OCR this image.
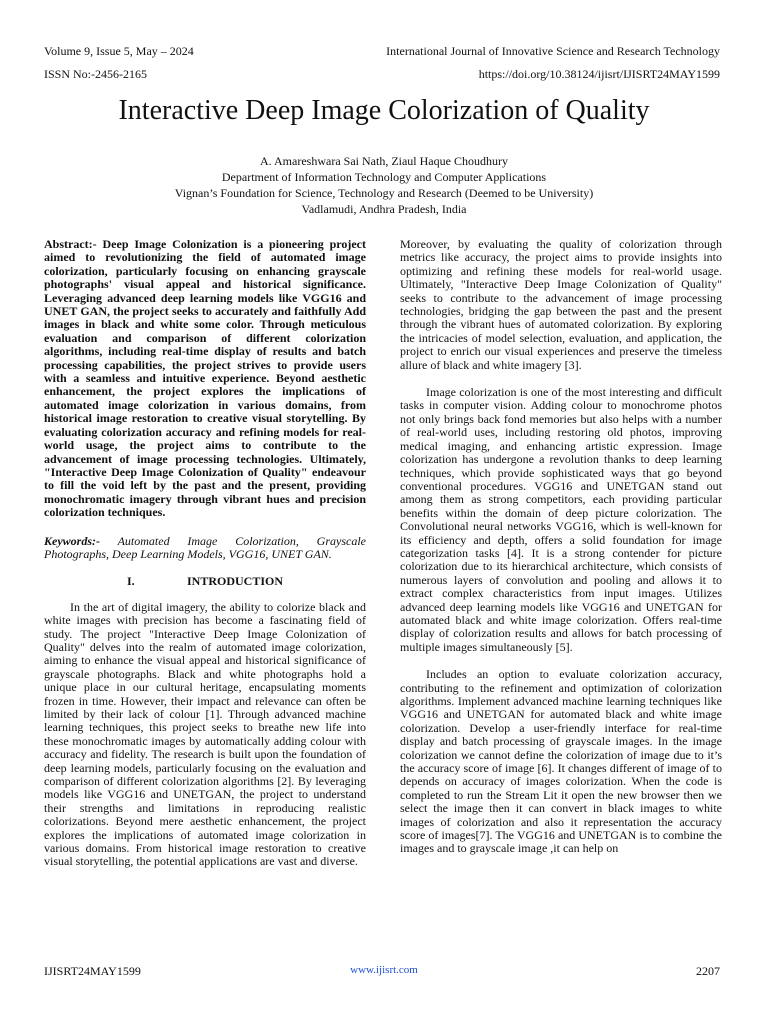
Volume 9, Issue 5, May – 2024
ISSN No:-2456-2165
International Journal of Innovative Science and Research Technology
https://doi.org/10.38124/ijisrt/IJISRT24MAY1599
Interactive Deep Image Colorization of Quality
A. Amareshwara Sai Nath, Ziaul Haque Choudhury
Department of Information Technology and Computer Applications
Vignan’s Foundation for Science, Technology and Research (Deemed to be University)
Vadlamudi, Andhra Pradesh, India

Abstract:- Deep Image Colonization is a pioneering project aimed to revolutionizing the field of automated image colorization, particularly focusing on enhancing grayscale photographs' visual appeal and historical significance. Leveraging advanced deep learning models like VGG16 and UNET GAN, the project seeks to accurately and faithfully Add images in black and white some color. Through meticulous evaluation and comparison of different colorization algorithms, including real-time display of results and batch processing capabilities, the project strives to provide users with a seamless and intuitive experience. Beyond aesthetic enhancement, the project explores the implications of automated image colorization in various domains, from historical image restoration to creative visual storytelling. By evaluating colorization accuracy and refining models for real-world usage, the project aims to contribute to the advancement of image processing technologies. Ultimately, "Interactive Deep Image Colonization of Quality" endeavour to fill the void left by the past and the present, providing monochromatic imagery through vibrant hues and precision colorization techniques.

Keywords:- Automated Image Colorization, Grayscale Photographs, Deep Learning Models, VGG16, UNET GAN.

I.	INTRODUCTION

In the art of digital imagery, the ability to colorize black and white images with precision has become a fascinating field of study. The project "Interactive Deep Image Colonization of Quality" delves into the realm of automated image colorization, aiming to enhance the visual appeal and historical significance of grayscale photographs. Black and white photographs hold a unique place in our cultural heritage, encapsulating moments frozen in time. However, their impact and relevance can often be limited by their lack of colour [1]. Through advanced machine learning techniques, this project seeks to breathe new life into these monochromatic images by automatically adding colour with accuracy and fidelity. The research is built upon the foundation of deep learning models, particularly focusing on the evaluation and comparison of different colorization algorithms [2]. By leveraging models like VGG16 and UNETGAN, the project to understand their strengths and limitations in reproducing realistic colorizations. Beyond mere aesthetic enhancement, the project explores the implications of automated image colorization in various domains. From historical image restoration to creative visual storytelling, the potential applications are vast and diverse.

Moreover, by evaluating the quality of colorization through metrics like accuracy, the project aims to provide insights into optimizing and refining these models for real-world usage. Ultimately, "Interactive Deep Image Colonization of Quality" seeks to contribute to the advancement of image processing technologies, bridging the gap between the past and the present through the vibrant hues of automated colorization. By exploring the intricacies of model selection, evaluation, and application, the project to enrich our visual experiences and preserve the timeless allure of black and white imagery [3].

Image colorization is one of the most interesting and difficult tasks in computer vision. Adding colour to monochrome photos not only brings back fond memories but also helps with a number of real-world uses, including restoring old photos, improving medical imaging, and enhancing artistic expression. Image colorization has undergone a revolution thanks to deep learning techniques, which provide sophisticated ways that go beyond conventional procedures. VGG16 and UNETGAN stand out among them as strong competitors, each providing particular benefits within the domain of deep picture colorization. The Convolutional neural networks VGG16, which is well-known for its efficiency and depth, offers a solid foundation for image categorization tasks [4]. It is a strong contender for picture colorization due to its hierarchical architecture, which consists of numerous layers of convolution and pooling and allows it to extract complex characteristics from input images. Utilizes advanced deep learning models like VGG16 and UNETGAN for automated black and white image colorization. Offers real-time display of colorization results and allows for batch processing of multiple images simultaneously [5].

Includes an option to evaluate colorization accuracy, contributing to the refinement and optimization of colorization algorithms. Implement advanced machine learning techniques like VGG16 and UNETGAN for automated black and white image colorization. Develop a user-friendly interface for real-time display and batch processing of grayscale images. In the image colorization we cannot define the colorization of image due to it’s the accuracy score of image [6]. It changes different of image of to depends on accuracy of images colorization. When the code is completed to run the Stream Lit it open the new browser then we select the image then it can convert in black images to white images of colorization and also it representation the accuracy score of images[7]. The VGG16 and UNETGAN is to combine the images and to grayscale image ,it can help on

IJISRT24MAY1599	www.ijisrt.com	2207
